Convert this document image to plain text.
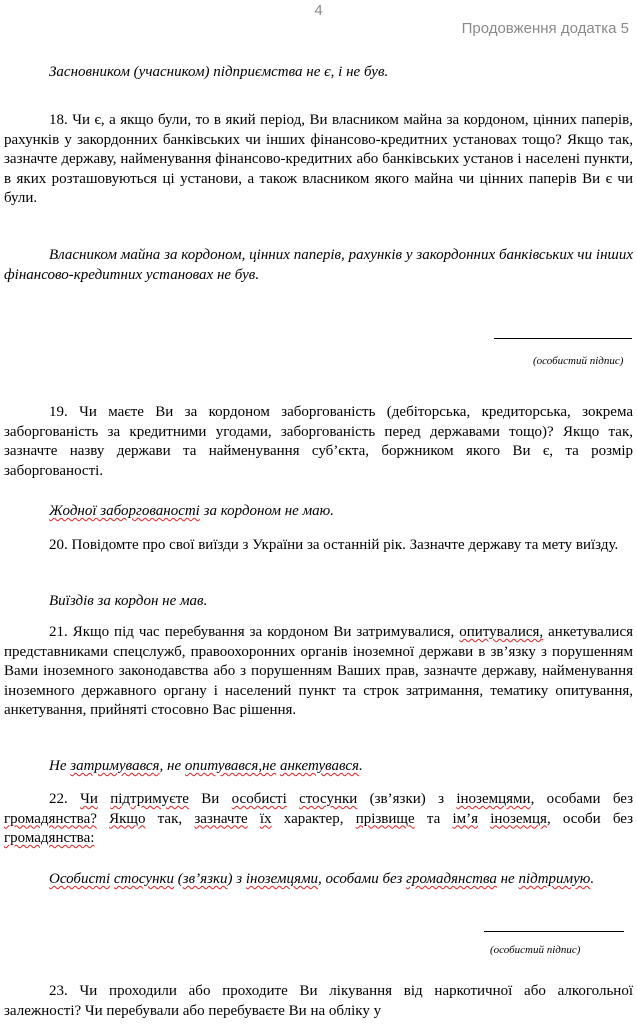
4
Продовження додатка 5

Засновником (учасником) підприємства не є, і не був.

18. Чи є, а якщо були, то в який період, Ви власником майна за кордоном, цінних паперів, рахунків у закордонних банківських чи інших фінансово-кредитних установах тощо? Якщо так, зазначте державу, найменування фінансово-кредитних або банківських установ і населені пункти, в яких розташовуються ці установи, а також власником якого майна чи цінних паперів Ви є чи були.

Власником майна за кордоном, цінних паперів, рахунків у закордонних банківських чи інших фінансово-кредитних установах не був.

(особистий підпис)

19. Чи маєте Ви за кордоном заборгованість (дебіторська, кредиторська, зокрема заборгованість за кредитними угодами, заборгованість перед державами тощо)? Якщо так, зазначте назву держави та найменування суб’єкта, боржником якого Ви є, та розмір заборгованості.

Жодної заборгованості за кордоном не маю.

20. Повідомте про свої виїзди з України за останній рік. Зазначте державу та мету виїзду.

Виїздів за кордон не мав.

21. Якщо під час перебування за кордоном Ви затримувалися, опитувалися, анкетувалися представниками спецслужб, правоохоронних органів іноземної держави в зв’язку з порушенням Вами іноземного законодавства або з порушенням Ваших прав, зазначте державу, найменування іноземного державного органу і населений пункт та строк затримання, тематику опитування, анкетування, прийняті стосовно Вас рішення.

Не затримувався, не опитувався,не анкетувався.

22. Чи підтримуєте Ви особисті стосунки (зв’язки) з іноземцями, особами без громадянства? Якщо так, зазначте їх характер, прізвище та ім’я іноземця, особи без громадянства:

Особисті стосунки (зв’язки) з іноземцями, особами без громадянства не підтримую.

(особистий підпис)

23. Чи проходили або проходите Ви лікування від наркотичної або алкогольної залежності? Чи перебували або перебуваєте Ви на обліку у
